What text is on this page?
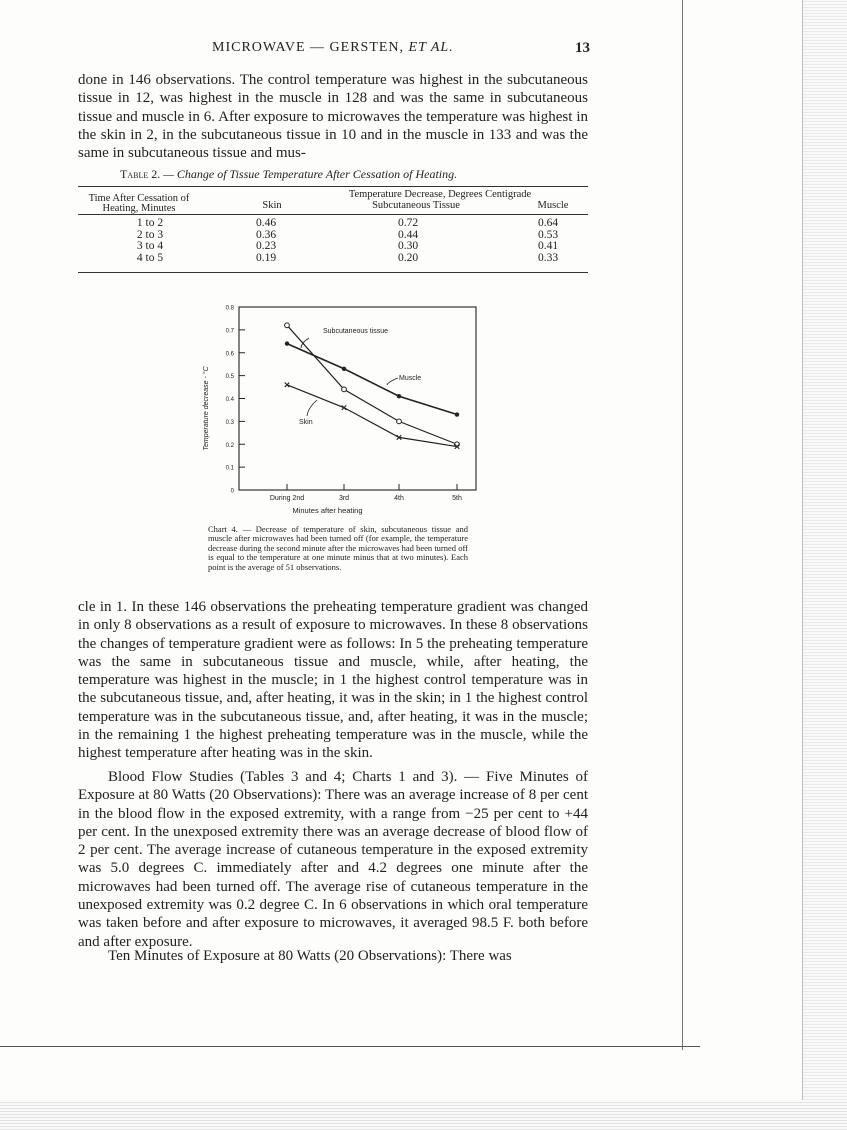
MICROWAVE — GERSTEN, ET AL.	13
done in 146 observations. The control temperature was highest in the subcutaneous tissue in 12, was highest in the muscle in 128 and was the same in subcutaneous tissue and muscle in 6. After exposure to microwaves the temperature was highest in the skin in 2, in the subcutaneous tissue in 10 and in the muscle in 133 and was the same in subcutaneous tissue and mus-
Table 2. — Change of Tissue Temperature After Cessation of Heating.
Time After Cessation of Heating, Minutes
Temperature Decrease, Degrees Centigrade
Skin	Subcutaneous Tissue	Muscle
1 to 2	0.46	0.72	0.64
2 to 3	0.36	0.44	0.53
3 to 4	0.23	0.30	0.41
4 to 5	0.19	0.20	0.33
0
0.1
0.2
0.3
0.4
0.5
0.6
0.7
0.8
During 2nd	3rd	4th	5th
Minutes after heating
Temperature decrease - °C
Subcutaneous tissue
Muscle
Skin
Chart 4. — Decrease of temperature of skin, subcutaneous tissue and muscle after microwaves had been turned off (for example, the temperature decrease during the second minute after the microwaves had been turned off is equal to the temperature at one minute minus that at two minutes). Each point is the average of 51 observations.
cle in 1. In these 146 observations the preheating temperature gradient was changed in only 8 observations as a result of exposure to microwaves. In these 8 observations the changes of temperature gradient were as follows: In 5 the preheating temperature was the same in subcutaneous tissue and muscle, while, after heating, the temperature was highest in the muscle; in 1 the highest control temperature was in the subcutaneous tissue, and, after heating, it was in the skin; in 1 the highest control temperature was in the subcutaneous tissue, and, after heating, it was in the muscle; in the remaining 1 the highest preheating temperature was in the muscle, while the highest temperature after heating was in the skin.
Blood Flow Studies (Tables 3 and 4; Charts 1 and 3). — Five Minutes of Exposure at 80 Watts (20 Observations): There was an average increase of 8 per cent in the blood flow in the exposed extremity, with a range from −25 per cent to +44 per cent. In the unexposed extremity there was an average decrease of blood flow of 2 per cent. The average increase of cutaneous temperature in the exposed extremity was 5.0 degrees C. immediately after and 4.2 degrees one minute after the microwaves had been turned off. The average rise of cutaneous temperature in the unexposed extremity was 0.2 degree C. In 6 observations in which oral temperature was taken before and after exposure to microwaves, it averaged 98.5 F. both before and after exposure.
Ten Minutes of Exposure at 80 Watts (20 Observations): There was
